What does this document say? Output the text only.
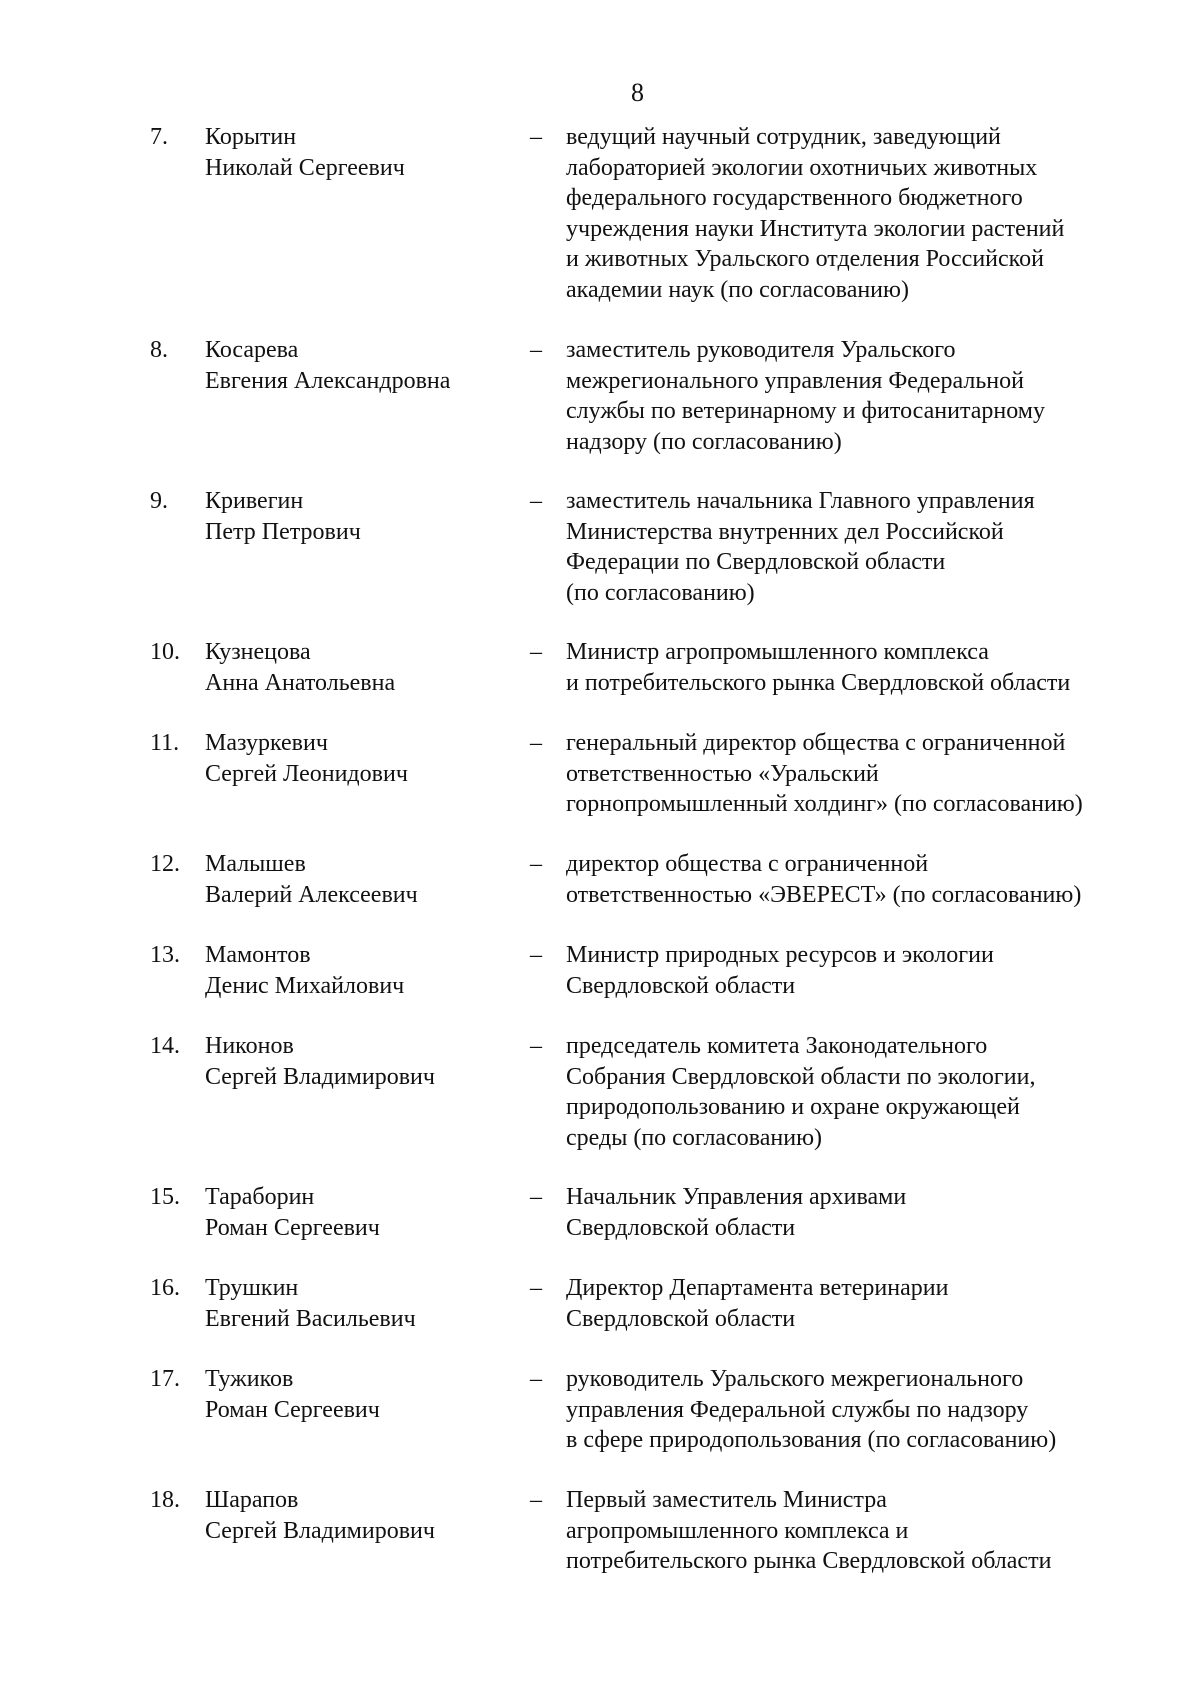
8
7.	Корытин
Николай Сергеевич
–	ведущий научный сотрудник, заведующий
лабораторией экологии охотничьих животных
федерального государственного бюджетного
учреждения науки Института экологии растений
и животных Уральского отделения Российской
академии наук (по согласованию)
8.	Косарева
Евгения Александровна
–	заместитель руководителя Уральского
межрегионального управления Федеральной
службы по ветеринарному и фитосанитарному
надзору (по согласованию)
9.	Кривегин
Петр Петрович
–	заместитель начальника Главного управления
Министерства внутренних дел Российской
Федерации по Свердловской области
(по согласованию)
10.	Кузнецова
Анна Анатольевна
–	Министр агропромышленного комплекса
и потребительского рынка Свердловской области
11.	Мазуркевич
Сергей Леонидович
–	генеральный директор общества с ограниченной
ответственностью «Уральский
горнопромышленный холдинг» (по согласованию)
12.	Малышев
Валерий Алексеевич
–	директор общества с ограниченной
ответственностью «ЭВЕРЕСТ» (по согласованию)
13.	Мамонтов
Денис Михайлович
–	Министр природных ресурсов и экологии
Свердловской области
14.	Никонов
Сергей Владимирович
–	председатель комитета Законодательного
Собрания Свердловской области по экологии,
природопользованию и охране окружающей
среды (по согласованию)
15.	Тараборин
Роман Сергеевич
–	Начальник Управления архивами
Свердловской области
16.	Трушкин
Евгений Васильевич
–	Директор Департамента ветеринарии
Свердловской области
17.	Тужиков
Роман Сергеевич
–	руководитель Уральского межрегионального
управления Федеральной службы по надзору
в сфере природопользования (по согласованию)
18.	Шарапов
Сергей Владимирович
–	Первый заместитель Министра
агропромышленного комплекса и
потребительского рынка Свердловской области
